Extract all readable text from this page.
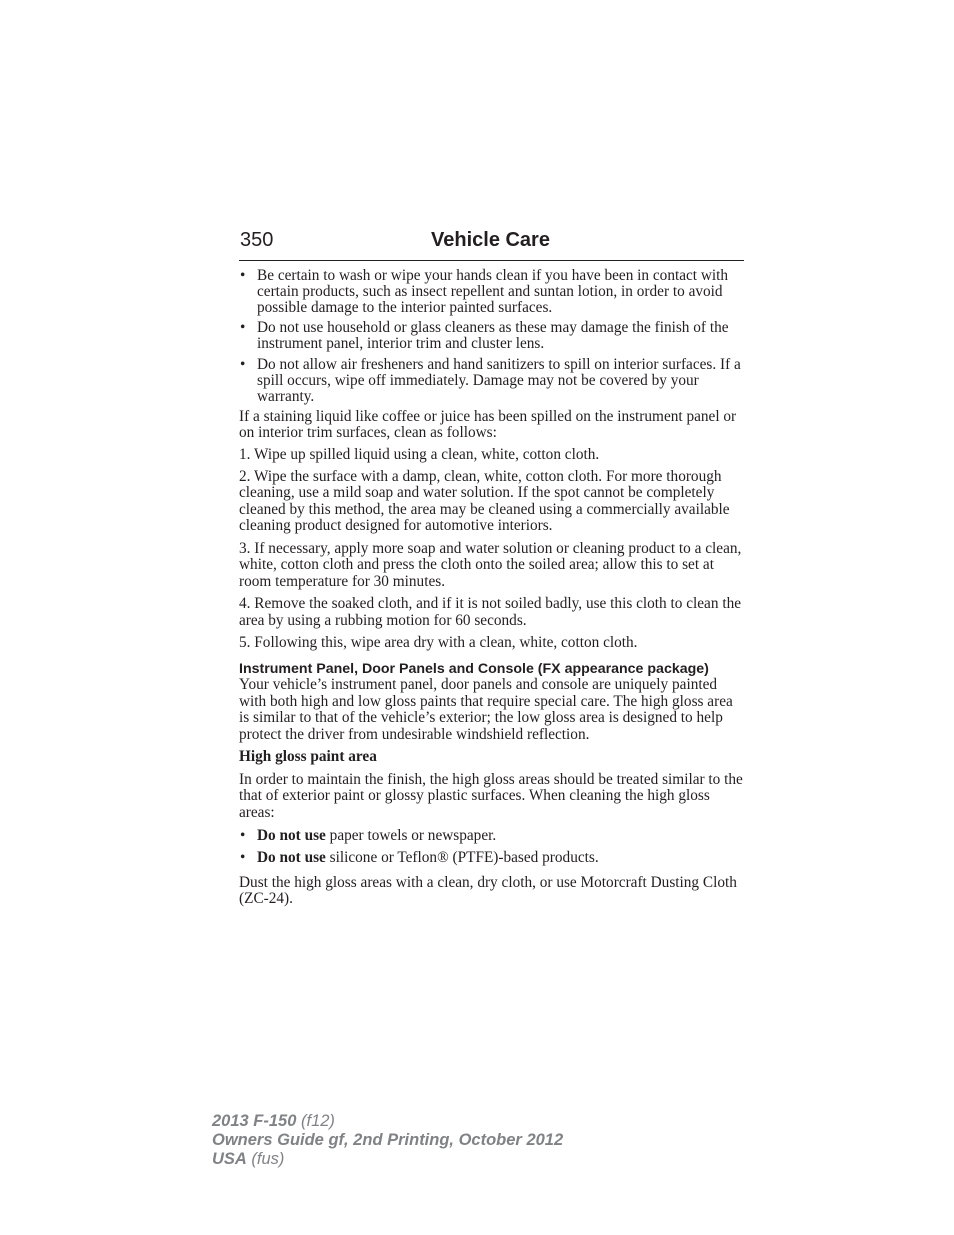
350	Vehicle Care
• Be certain to wash or wipe your hands clean if you have been in contact with certain products, such as insect repellent and suntan lotion, in order to avoid possible damage to the interior painted surfaces.
• Do not use household or glass cleaners as these may damage the finish of the instrument panel, interior trim and cluster lens.
• Do not allow air fresheners and hand sanitizers to spill on interior surfaces. If a spill occurs, wipe off immediately. Damage may not be covered by your warranty.

If a staining liquid like coffee or juice has been spilled on the instrument panel or on interior trim surfaces, clean as follows:

1. Wipe up spilled liquid using a clean, white, cotton cloth.

2. Wipe the surface with a damp, clean, white, cotton cloth. For more thorough cleaning, use a mild soap and water solution. If the spot cannot be completely cleaned by this method, the area may be cleaned using a commercially available cleaning product designed for automotive interiors.

3. If necessary, apply more soap and water solution or cleaning product to a clean, white, cotton cloth and press the cloth onto the soiled area; allow this to set at room temperature for 30 minutes.

4. Remove the soaked cloth, and if it is not soiled badly, use this cloth to clean the area by using a rubbing motion for 60 seconds.

5. Following this, wipe area dry with a clean, white, cotton cloth.

Instrument Panel, Door Panels and Console (FX appearance package)

Your vehicle’s instrument panel, door panels and console are uniquely painted with both high and low gloss paints that require special care. The high gloss area is similar to that of the vehicle’s exterior; the low gloss area is designed to help protect the driver from undesirable windshield reflection.

High gloss paint area

In order to maintain the finish, the high gloss areas should be treated similar to the that of exterior paint or glossy plastic surfaces. When cleaning the high gloss areas:

• Do not use paper towels or newspaper.
• Do not use silicone or Teflon® (PTFE)-based products.

Dust the high gloss areas with a clean, dry cloth, or use Motorcraft Dusting Cloth (ZC-24).

2013 F-150 (f12)
Owners Guide gf, 2nd Printing, October 2012
USA (fus)
